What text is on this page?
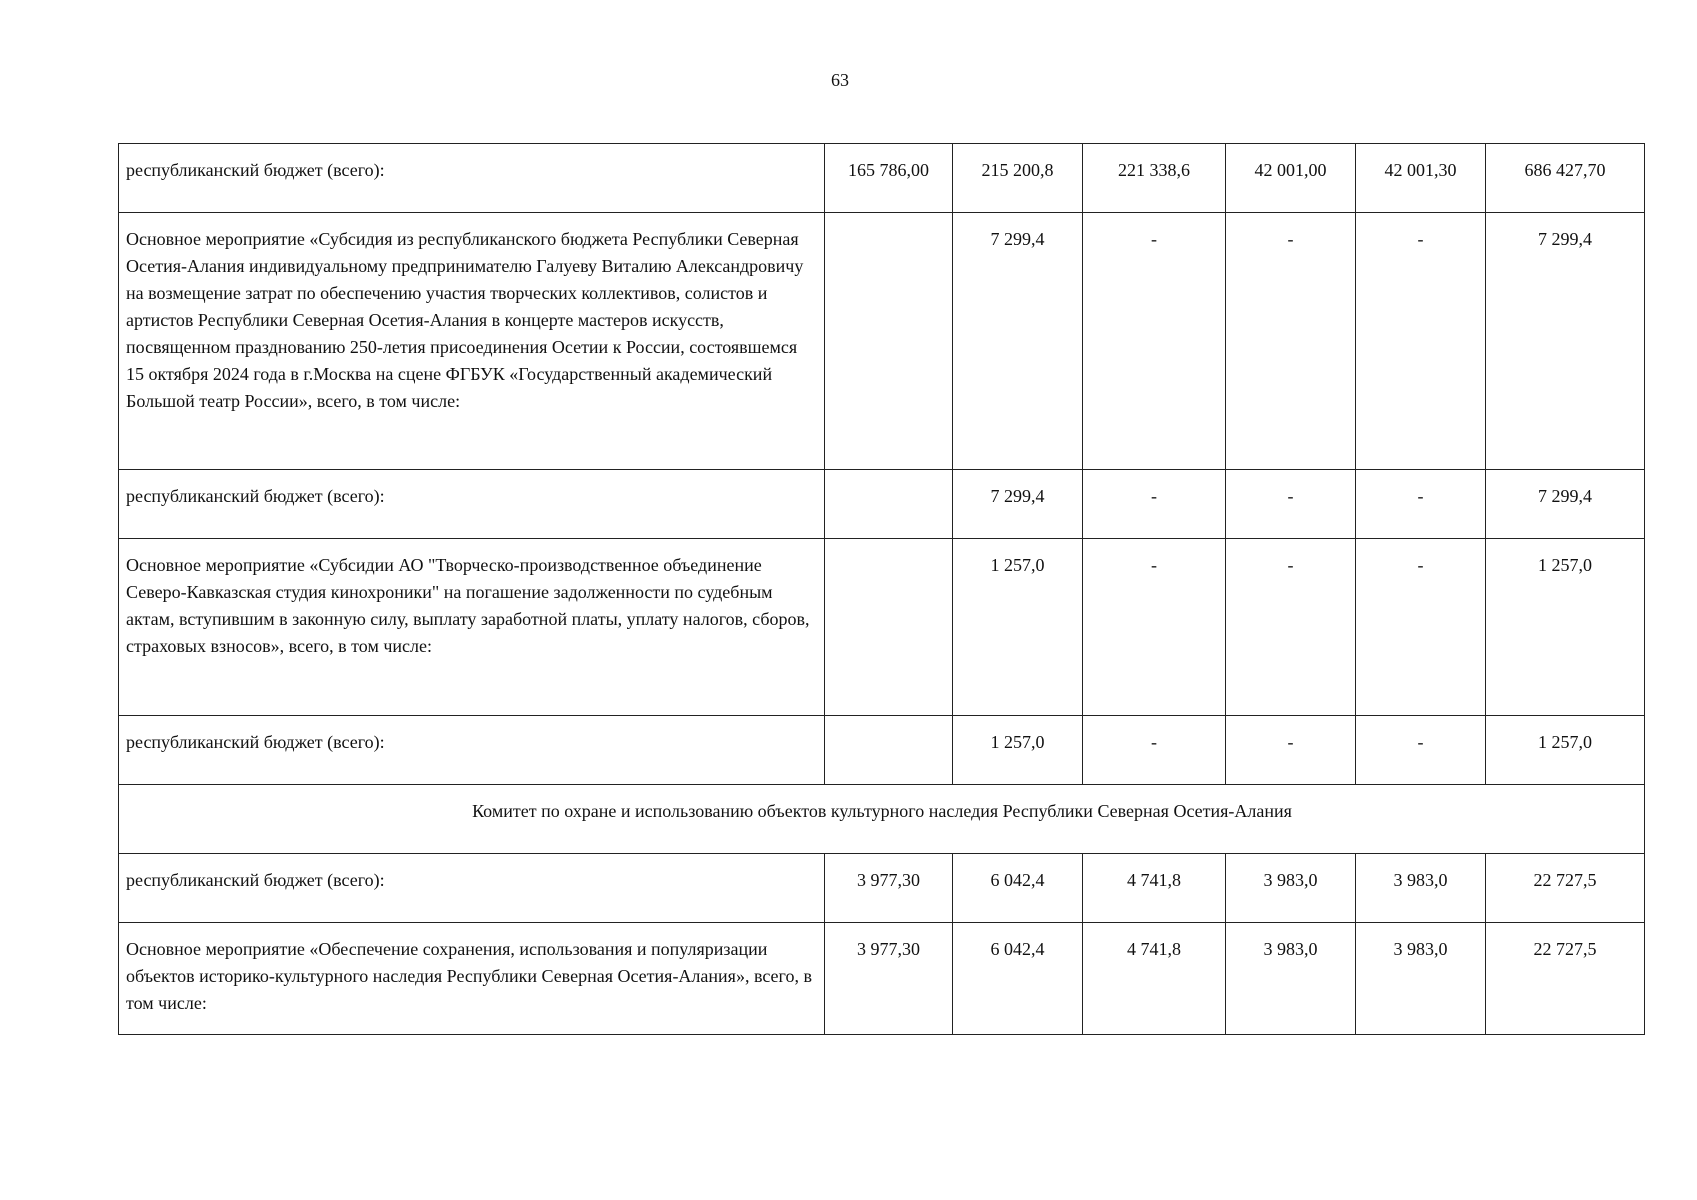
63
республиканский бюджет (всего):	165 786,00	215 200,8	221 338,6	42 001,00	42 001,30	686 427,70
Основное мероприятие «Субсидия из республиканского бюджета Республики Северная Осетия-Алания индивидуальному предпринимателю Галуеву Виталию Александровичу на возмещение затрат по обеспечению участия творческих коллективов, солистов и артистов Республики Северная Осетия-Алания в концерте мастеров искусств, посвященном празднованию 250-летия присоединения Осетии к России, состоявшемся 15 октября 2024 года в г.Москва на сцене ФГБУК «Государственный академический Большой театр России», всего, в том числе:		7 299,4	-	-	-	7 299,4
республиканский бюджет (всего):		7 299,4	-	-	-	7 299,4
Основное мероприятие «Субсидии АО "Творческо-производственное объединение Северо-Кавказская студия кинохроники" на погашение задолженности по судебным актам, вступившим в законную силу, выплату заработной платы, уплату налогов, сборов, страховых взносов», всего, в том числе:		1 257,0	-	-	-	1 257,0
республиканский бюджет (всего):		1 257,0	-	-	-	1 257,0
Комитет по охране и использованию объектов культурного наследия Республики Северная Осетия-Алания						
республиканский бюджет (всего):	3 977,30	6 042,4	4 741,8	3 983,0	3 983,0	22 727,5
Основное мероприятие «Обеспечение сохранения, использования и популяризации объектов историко-культурного наследия Республики Северная Осетия-Алания», всего, в том числе:	3 977,30	6 042,4	4 741,8	3 983,0	3 983,0	22 727,5
